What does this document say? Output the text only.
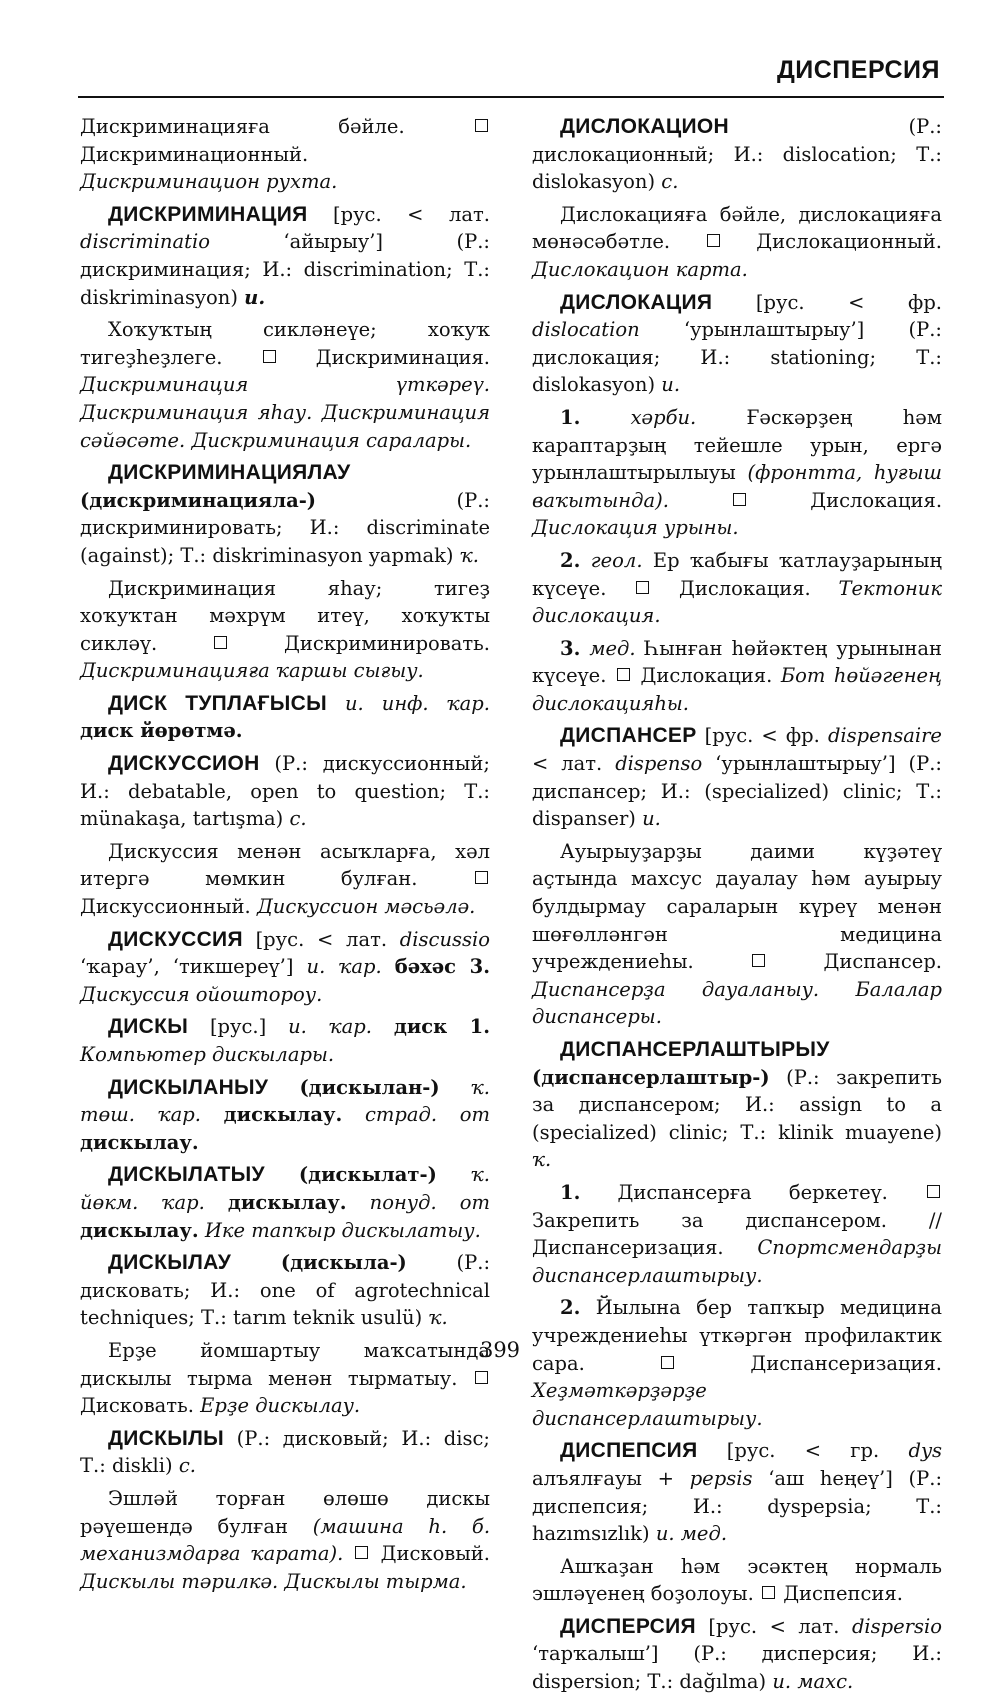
ДИСПЕРСИЯ

Дискриминацияға бәйле.  Дискриминационный. Дискриминацион рухта.

ДИСКРИМИНАЦИЯ [рус. < лат. discriminatio	‘айырыу’] (Р.: дискриминация; И.: discrimination; Т.: diskriminasyon) и.

Хоҡуҡтың сикләнеүе; хоҡуҡ тигеҙһеҙлеге.	Дискриминация. Дискриминация үткәреү. Дискриминация яһау. Дискриминация сәйәсәте. Дискриминация саралары.

ДИСКРИМИНАЦИЯЛАУ (дискриминацияла-)	(Р.: дискриминировать; И.: discriminate (against); Т.: diskriminasyon yapmak) ҡ.

Дискриминация яһау; тигеҙ хоҡуҡтан мәхрүм итеү, хоҡуҡты сикләү.	Дискриминировать. Дискриминацияға ҡаршы сығыу.

ДИСК ТУПЛАҒЫСЫ и. инф. ҡар. диск йөрөтмә.

ДИСКУССИОН (Р.: дискуссионный; И.: debatable, open to question; Т.: münakaşa, tartışma) с.

Дискуссия менән асыҡларға, хәл итергә мөмкин булған.  Дискуссионный. Дискуссион мәсьәлә.

ДИСКУССИЯ [рус. < лат. discussio ‘ҡарау’, ‘тикшереү’] и. ҡар. бәхәс 3. Дискуссия ойоштороу.

ДИСКЫ [рус.] и. ҡар. диск 1. Компьютер дискылары.

ДИСКЫЛАНЫУ (дискылан-) ҡ. төш. ҡар. дискылау. страд. от дискылау.

ДИСКЫЛАТЫУ (дискылат-) ҡ. йөкм. ҡар. дискылау. понуд. от дискылау. Ике тапҡыр дискылатыу.

ДИСКЫЛАУ	(дискыла-)	(Р.: дисковать; И.: one of agrotechnical techniques; Т.: tarım teknik usulü) ҡ.

Ерҙе йомшартыу маҡсатында дискылы тырма менән тырматыу.  Дисковать. Ерҙе дискылау.

ДИСКЫЛЫ (Р.: дисковый; И.: disc; Т.: diskli) с.

Эшләй торған өлөшө дискы рәүешендә булған (машина һ. б. механизмдарға ҡарата). Дисковый. Дискылы тәрилкә. Дискылы тырма.

ДИСЛОКАЦИОН	(Р.: дислокационный; И.: dislocation; Т.: dislokasyon) с.

Дислокацияға бәйле, дислокацияға мөнәсәбәтле.	Дислокационный. Дислокацион карта.

ДИСЛОКАЦИЯ [рус. < фр. dislocation ‘урынлаштырыу’] (Р.: дислокация; И.: stationing; Т.: dislokasyon) и.

1.	хәрби.	Ғәскәрҙең һәм караптарҙың тейешле урын, ергә урынлаштырылыуы (фронтта, һуғыш ваҡытында).	Дислокация. Дислокация урыны.

2. геол. Ер ҡабығы ҡатлауҙарының күсеүе.	Дислокация. Тектоник дислокация.

3. мед. Һынған һөйәктең урынынан күсеүе. Дислокация. Бот һөйәгенең дислокацияһы.

ДИСПАНСЕР [рус. < фр. dispensaire < лат. dispenso ‘урынлаштырыу’] (Р.: диспансер; И.: (specialized) clinic; Т.: dispanser) и.

Ауырыуҙарҙы даими күҙәтеү аҫтында махсус дауалау һәм ауырыу булдырмау сараларын күреү менән шөғөлләнгән медицина учреждениеһы.	Диспансер. Диспансерҙа дауаланыу. Балалар диспансеры.

ДИСПАНСЕРЛАШТЫРЫУ (диспансерлаштыр-) (Р.: закрепить за диспансером; И.: assign to a (specialized) clinic; Т.: klinik muayene) ҡ.

1. Диспансерға беркетеү.  Закрепить за диспансером. // Диспансеризация. Спортсмендарҙы диспансерлаштырыу.

2. Йылына бер тапҡыр медицина учреждениеһы үткәргән профилактик сара.	Диспансеризация. Хеҙмәткәрҙәрҙе диспансерлаштырыу.

ДИСПЕПСИЯ [рус. < гр. dys алъялғауы + pepsis ‘аш һеңеү’] (Р.: диспепсия; И.: dyspepsia; Т.: hazımsızlık) и. мед.

Ашҡаҙан һәм эсәктең нормаль эшләүенең боҙолоуы. Диспепсия.

ДИСПЕРСИЯ [рус. < лат. dispersio ‘тарҡалыш’] (Р.: дисперсия; И.: dispersion; Т.: dağılma) и. махс.

399
